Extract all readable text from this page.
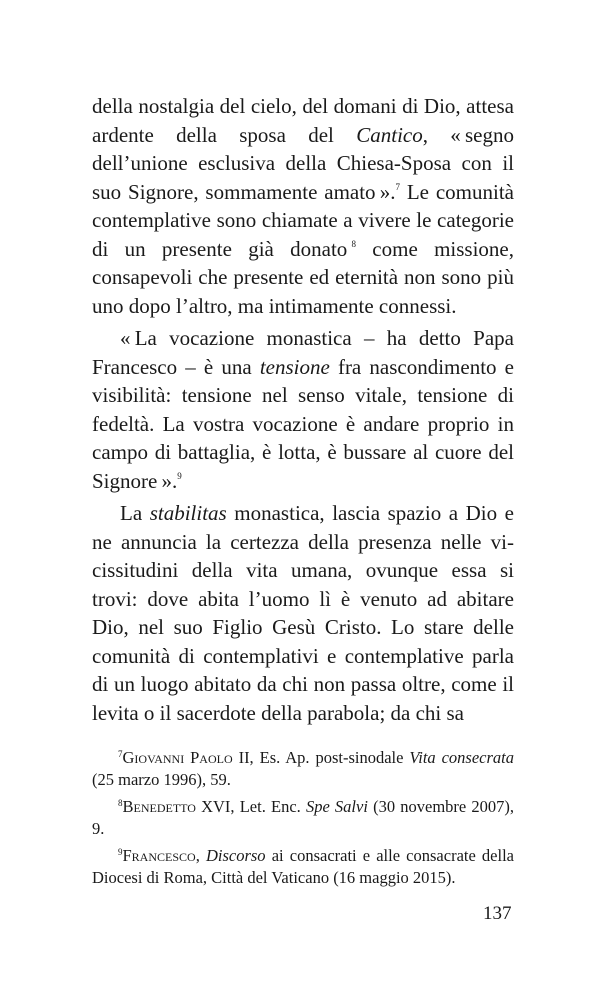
della nostalgia del cielo, del domani di Dio, attesa ardente della sposa del Cantico, « segno dell’unione esclusiva della Chiesa-Sposa con il suo Signore, sommamente amato ».$^7$ Le comunità contemplative sono chiamate a vivere le categorie di un presente già donato $^8$ come missione, consapevoli che presente ed eternità non sono più uno dopo l’altro, ma intimamente connessi.

« La vocazione monastica – ha detto Papa Francesco – è una tensione fra nascondimento e visibilità: tensione nel senso vitale, tensione di fedeltà. La vostra vocazione è andare proprio in campo di battaglia, è lotta, è bussare al cuore del Signore ».$^9$

La stabilitas monastica, lascia spazio a Dio e ne annuncia la certezza della presenza nelle vicissitudini della vita umana, ovunque essa si trovi: dove abita l’uomo lì è venuto ad abitare Dio, nel suo Figlio Gesù Cristo. Lo stare delle comunità di contemplativi e contemplative parla di un luogo abitato da chi non passa oltre, come il levita o il sacerdote della parabola; da chi sa

$^7$Giovanni Paolo II, Es. Ap. post-sinodale Vita consecrata (25 marzo 1996), 59.

$^8$Benedetto XVI, Let. Enc. Spe Salvi (30 novembre 2007), 9.

$^9$Francesco, Discorso ai consacrati e alle consacrate della Diocesi di Roma, Città del Vaticano (16 maggio 2015).

137
